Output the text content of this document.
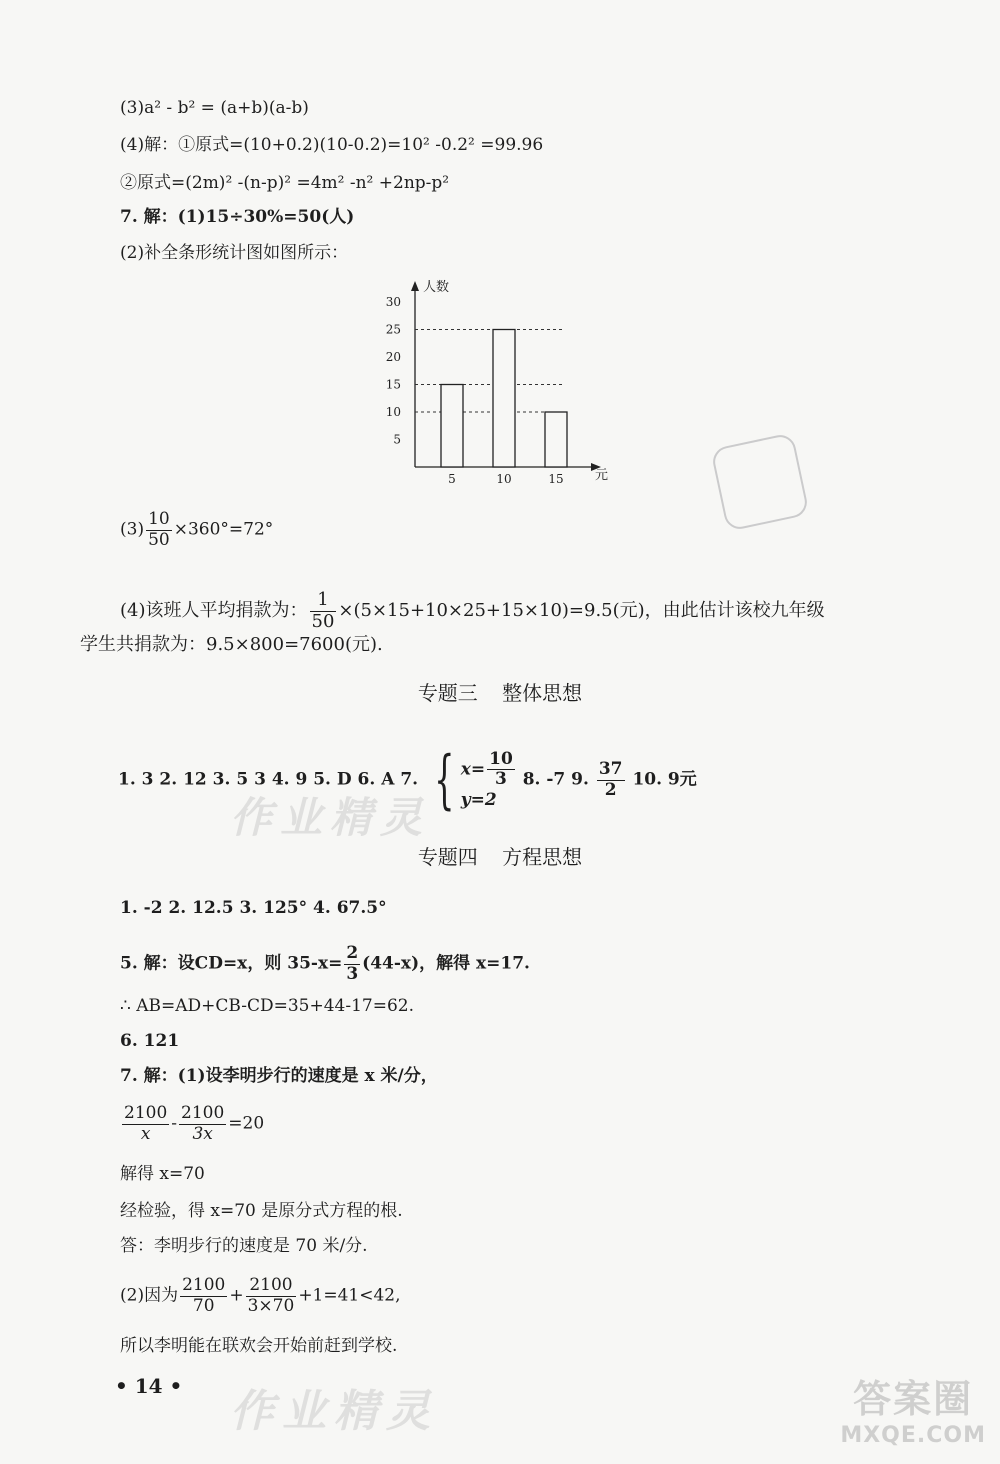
(3)a² - b² = (a+b)(a-b)
(4)解：①原式=(10+0.2)(10-0.2)=10² -0.2² =99.96
②原式=(2m)² -(n-p)² =4m² -n² +2np-p²
7. 解：(1)15÷30%=50(人)
(2)补全条形统计图如图所示：
人数
元
5
10
15
20
25
30
5	10	15
$(3) \frac{10}{50} \times 360^\circ=72^\circ$
(4)该班人平均捐款为： $\frac{1}{50} \times(5\times 15+10\times 25+15\times 10)=9.5$(元)，由此估计该校九年级
学生共捐款为：9.5×800=7600(元).
专题三 整体思想
1. 3 2. 12 3. 5 3 4. 9 5. D 6. A 7. { $x= \frac{10}{3}$
y=2
8. -7 9. $\frac{37}{2} 10$. 9元
专题四 方程思想
1. -2 2. 12.5 3. 125° 4. 67.5°
5. 解：设CD=x，则 $35-x= \frac{2}{3} (44-x)$，解得 x=17.
∴ AB=AD+CB-CD=35+44-17=62.
6. 121
7. 解：(1)设李明步行的速度是 x 米/分，
$\frac{2100}{x} - \frac{2100}{3x} =20$
解得 x=70
经检验，得 x=70 是原分式方程的根.
答：李明步行的速度是 70 米/分.
(2)因为 $\frac{2100}{70} + \frac{2100}{3\times 70} +1=41<42$,
所以李明能在联欢会开始前赶到学校.
• 14 •
作业精灵
作业精灵	答案圈
MXQE.COM
